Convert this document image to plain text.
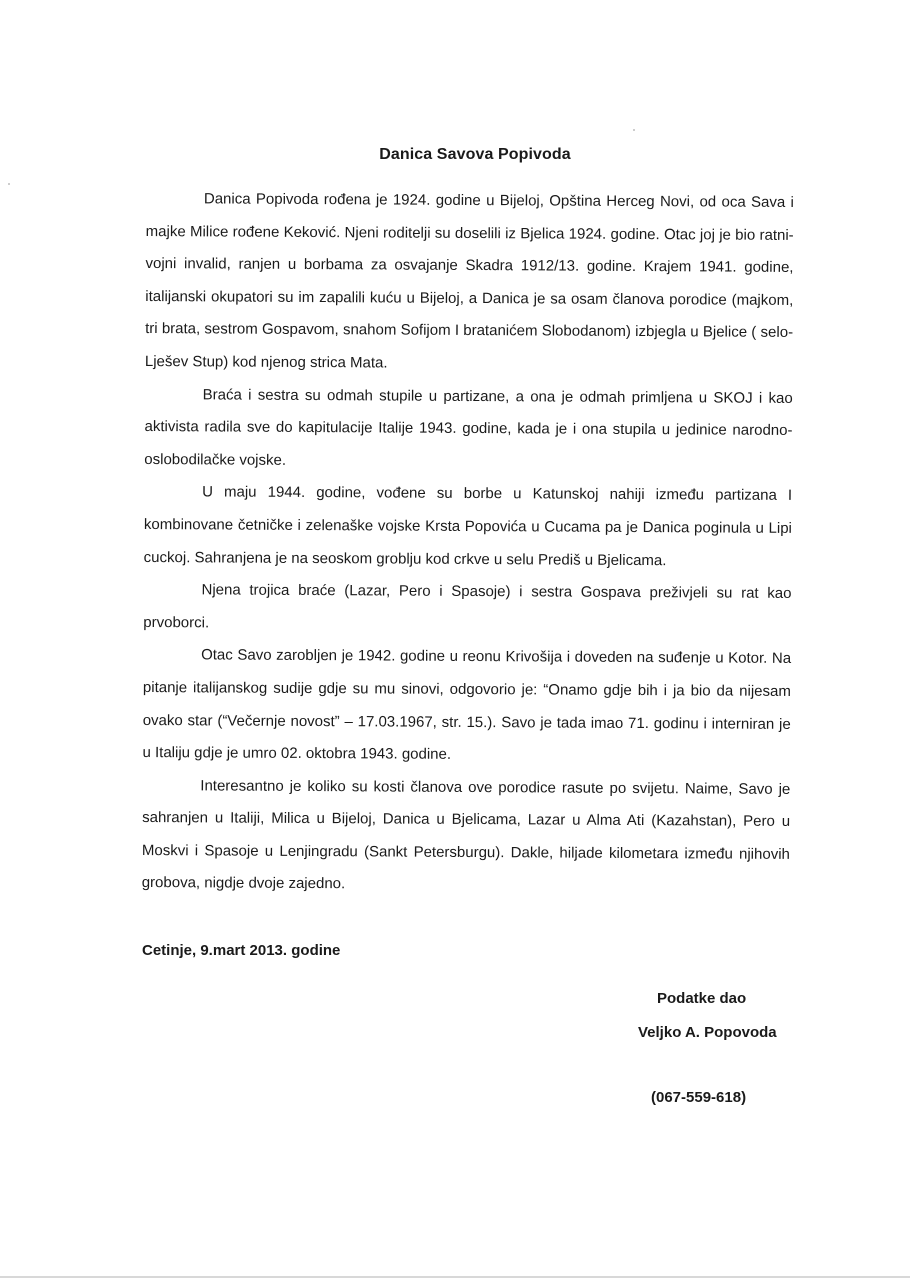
Danica Savova Popivoda

Danica Popivoda rođena je 1924. godine u Bijeloj, Opština Herceg Novi, od oca Sava i majke Milice rođene Keković. Njeni roditelji su doselili iz Bjelica 1924. godine. Otac joj je bio ratni-vojni invalid, ranjen u borbama za osvajanje Skadra 1912/13. godine. Krajem 1941. godine, italijanski okupatori su im zapalili kuću u Bijeloj, a Danica je sa osam članova porodice (majkom, tri brata, sestrom Gospavom, snahom Sofijom I bratanićem Slobodanom) izbjegla u Bjelice ( selo-Lješev Stup) kod njenog strica Mata.

Braća i sestra su odmah stupile u partizane, a ona je odmah primljena u SKOJ i kao aktivista radila sve do kapitulacije Italije 1943. godine, kada je i ona stupila u jedinice narodno-oslobodilačke vojske.

U maju 1944. godine, vođene su borbe u Katunskoj nahiji između partizana I kombinovane četničke i zelenaške vojske Krsta Popovića u Cucama pa je Danica poginula u Lipi cuckoj. Sahranjena je na seoskom groblju kod crkve u selu Prediš u Bjelicama.

Njena trojica braće (Lazar, Pero i Spasoje) i sestra Gospava preživjeli su rat kao prvoborci.

Otac Savo zarobljen je 1942. godine u reonu Krivošija i doveden na suđenje u Kotor. Na pitanje italijanskog sudije gdje su mu sinovi, odgovorio je: “Onamo gdje bih i ja bio da nijesam ovako star (“Večernje novost” – 17.03.1967, str. 15.). Savo je tada imao 71. godinu i interniran je u Italiju gdje je umro 02. oktobra 1943. godine.

Interesantno je koliko su kosti članova ove porodice rasute po svijetu. Naime, Savo je sahranjen u Italiji, Milica u Bijeloj, Danica u Bjelicama, Lazar u Alma Ati (Kazahstan), Pero u Moskvi i Spasoje u Lenjingradu (Sankt Petersburgu). Dakle, hiljade kilometara između njihovih grobova, nigdje dvoje zajedno.

Cetinje, 9.mart 2013. godine
Podatke dao
Veljko A. Popovoda
(067-559-618)
